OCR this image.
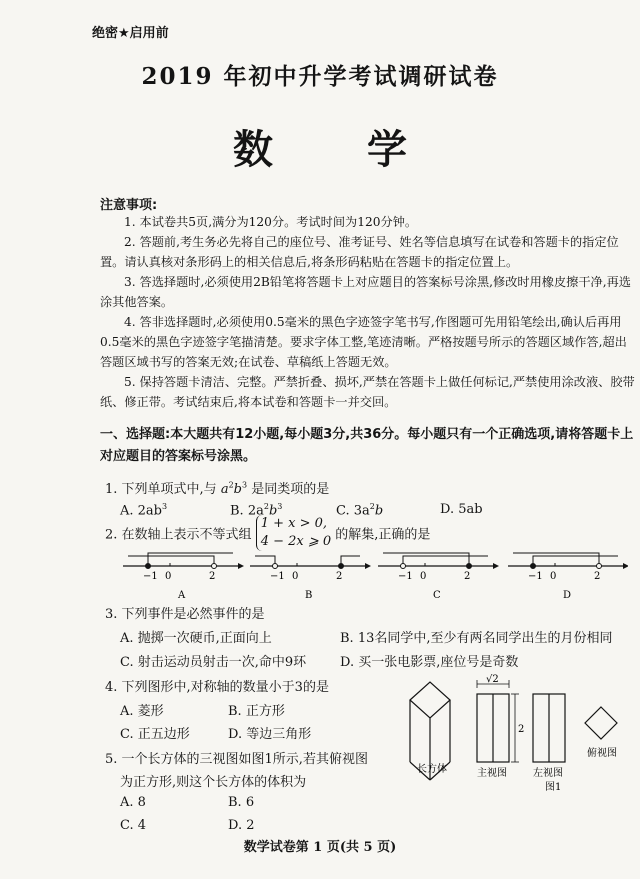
绝密★启用前
2019 年初中升学考试调研试卷
数 学
注意事项:
1. 本试卷共5页,满分为120分。考试时间为120分钟。
2. 答题前,考生务必先将自己的座位号、准考证号、姓名等信息填写在试卷和答题卡的指定位置。请认真核对条形码上的相关信息后,将条形码粘贴在答题卡的指定位置上。
3. 答选择题时,必须使用2B铅笔将答题卡上对应题目的答案标号涂黑,修改时用橡皮擦干净,再选涂其他答案。
4. 答非选择题时,必须使用0.5毫米的黑色字迹签字笔书写,作图题可先用铅笔绘出,确认后再用0.5毫米的黑色字迹签字笔描清楚。要求字体工整,笔迹清晰。严格按题号所示的答题区域作答,超出答题区域书写的答案无效;在试卷、草稿纸上答题无效。
5. 保持答题卡清洁、完整。严禁折叠、损坏,严禁在答题卡上做任何标记,严禁使用涂改液、胶带纸、修正带。考试结束后,将本试卷和答题卡一并交回。
一、选择题:本大题共有12小题,每小题3分,共36分。每小题只有一个正确选项,请将答题卡上对应题目的答案标号涂黑。
1. 下列单项式中,与 $a^2b^3$ 是同类项的是
A. $2ab^3$	B. $2a^2b^3$	C. $3a^2b$	D. 5ab
2. 在数轴上表示不等式组 1 + x > 0,
4 − 2x ⩾ 0 的解集,正确的是
−1 0	2
A
−1 0	2
B
−1 0	2
C
−1 0	2
D
3. 下列事件是必然事件的是
A. 抛掷一次硬币,正面向上	B. 13名同学中,至少有两名同学出生的月份相同
C. 射击运动员射击一次,命中9环	D. 买一张电影票,座位号是奇数
4. 下列图形中,对称轴的数量小于3的是
A. 菱形	B. 正方形
C. 正五边形	D. 等边三角形
5. 一个长方体的三视图如图1所示,若其俯视图
为正方形,则这个长方体的体积为
A. 8	B. 6
C. 4	D. 2
√2
2
长方体	主视图	左视图
俯视图
图1
数学试卷第 1 页(共 5 页)
